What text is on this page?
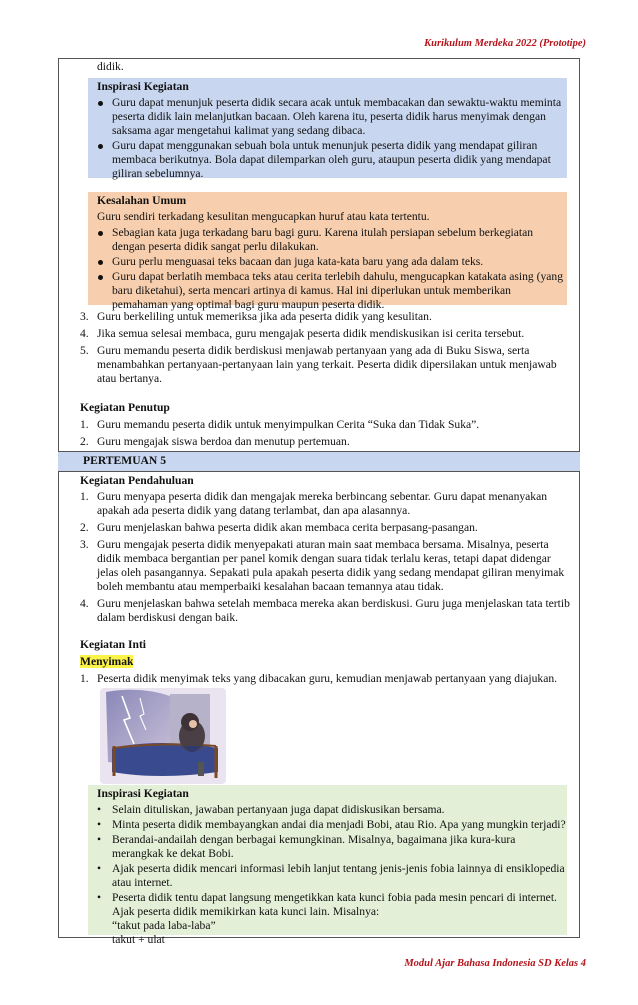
Kurikulum Merdeka 2022 (Prototipe)
didik.
Inspirasi Kegiatan
Kesalahan Umum
Guru sendiri terkadang kesulitan mengucapkan huruf atau kata tertentu.
Kegiatan Penutup
PERTEMUAN 5
Kegiatan Pendahuluan
Kegiatan Inti
Menyimak
1. Peserta didik menyimak teks yang dibacakan guru, kemudian menjawab pertanyaan yang diajukan.
Inspirasi Kegiatan
Modul Ajar Bahasa Indonesia SD Kelas 4
Guru dapat menunjuk peserta didik secara acak untuk membacakan dan sewaktu-waktu meminta
peserta didik lain melanjutkan bacaan. Oleh karena itu, peserta didik harus menyimak dengan
saksama agar mengetahui kalimat yang sedang dibaca.
Guru dapat menggunakan sebuah bola untuk menunjuk peserta didik yang mendapat giliran
membaca berikutnya. Bola dapat dilemparkan oleh guru, ataupun peserta didik yang mendapat
giliran sebelumnya.
Sebagian kata juga terkadang baru bagi guru. Karena itulah persiapan sebelum berkegiatan
dengan peserta didik sangat perlu dilakukan.
Guru perlu menguasai teks bacaan dan juga kata-kata baru yang ada dalam teks.
Guru dapat berlatih membaca teks atau cerita terlebih dahulu, mengucapkan katakata asing (yang
baru diketahui), serta mencari artinya di kamus. Hal ini diperlukan untuk memberikan
pemahaman yang optimal bagi guru maupun peserta didik.
3. Guru berkeliling untuk memeriksa jika ada peserta didik yang kesulitan.
4. Jika semua selesai membaca, guru mengajak peserta didik mendiskusikan isi cerita tersebut.
5. Guru memandu peserta didik berdiskusi menjawab pertanyaan yang ada di Buku Siswa, serta
menambahkan pertanyaan-pertanyaan lain yang terkait. Peserta didik dipersilakan untuk menjawab
atau bertanya.
1. Guru memandu peserta didik untuk menyimpulkan Cerita “Suka dan Tidak Suka”.
2. Guru mengajak siswa berdoa dan menutup pertemuan.
1. Guru menyapa peserta didik dan mengajak mereka berbincang sebentar. Guru dapat menanyakan
apakah ada peserta didik yang datang terlambat, dan apa alasannya.
2. Guru menjelaskan bahwa peserta didik akan membaca cerita berpasang-pasangan.
3. Guru mengajak peserta didik menyepakati aturan main saat membaca bersama. Misalnya, peserta
didik membaca bergantian per panel komik dengan suara tidak terlalu keras, tetapi dapat didengar
jelas oleh pasangannya. Sepakati pula apakah peserta didik yang sedang mendapat giliran menyimak
boleh membantu atau memperbaiki kesalahan bacaan temannya atau tidak.
4. Guru menjelaskan bahwa setelah membaca mereka akan berdiskusi. Guru juga menjelaskan tata tertib
dalam berdiskusi dengan baik.
• Selain dituliskan, jawaban pertanyaan juga dapat didiskusikan bersama.
• Minta peserta didik membayangkan andai dia menjadi Bobi, atau Rio. Apa yang mungkin terjadi?
• Berandai-andailah dengan berbagai kemungkinan. Misalnya, bagaimana jika kura-kura
merangkak ke dekat Bobi.
• Ajak peserta didik mencari informasi lebih lanjut tentang jenis-jenis fobia lainnya di ensiklopedia
atau internet.
• Peserta didik tentu dapat langsung mengetikkan kata kunci fobia pada mesin pencari di internet.
Ajak peserta didik memikirkan kata kunci lain. Misalnya:
“takut pada laba-laba”
takut + ulat
